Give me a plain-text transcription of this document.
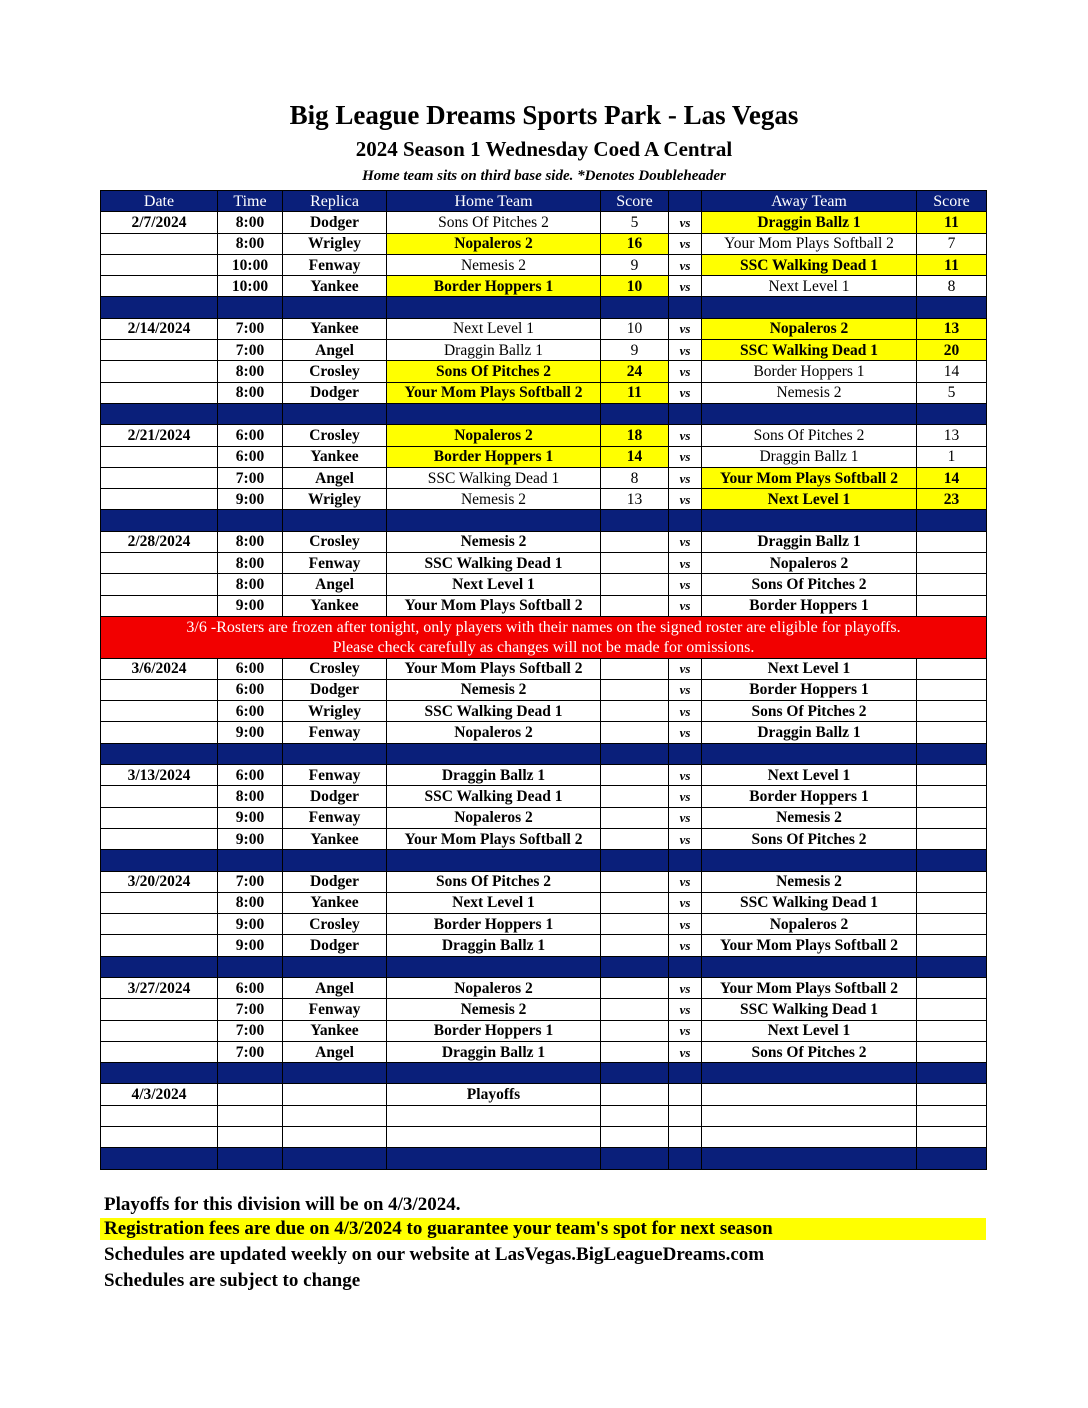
Big League Dreams Sports Park - Las Vegas
2024 Season 1 Wednesday Coed A Central
Home team sits on third base side. *Denotes Doubleheader
Date	Time	Replica	Home Team	Score		Away Team	Score
2/7/2024	8:00	Dodger	Sons Of Pitches 2	5	vs	Draggin Ballz 1	11
	8:00	Wrigley	Nopaleros 2	16	vs	Your Mom Plays Softball 2	7
	10:00	Fenway	Nemesis 2	9	vs	SSC Walking Dead 1	11
	10:00	Yankee	Border Hoppers 1	10	vs	Next Level 1	8

2/14/2024	7:00	Yankee	Next Level 1	10	vs	Nopaleros 2	13
	7:00	Angel	Draggin Ballz 1	9	vs	SSC Walking Dead 1	20
	8:00	Crosley	Sons Of Pitches 2	24	vs	Border Hoppers 1	14
	8:00	Dodger	Your Mom Plays Softball 2	11	vs	Nemesis 2	5

2/21/2024	6:00	Crosley	Nopaleros 2	18	vs	Sons Of Pitches 2	13
	6:00	Yankee	Border Hoppers 1	14	vs	Draggin Ballz 1	1
	7:00	Angel	SSC Walking Dead 1	8	vs	Your Mom Plays Softball 2	14
	9:00	Wrigley	Nemesis 2	13	vs	Next Level 1	23

2/28/2024	8:00	Crosley	Nemesis 2		vs	Draggin Ballz 1	
	8:00	Fenway	SSC Walking Dead 1		vs	Nopaleros 2	
	8:00	Angel	Next Level 1		vs	Sons Of Pitches 2	
	9:00	Yankee	Your Mom Plays Softball 2		vs	Border Hoppers 1	
3/6 -Rosters are frozen after tonight, only players with their names on the signed roster are eligible for playoffs.							
Please check carefully as changes will not be made for omissions.							
3/6/2024	6:00	Crosley	Your Mom Plays Softball 2		vs	Next Level 1	
	6:00	Dodger	Nemesis 2		vs	Border Hoppers 1	
	6:00	Wrigley	SSC Walking Dead 1		vs	Sons Of Pitches 2	
	9:00	Fenway	Nopaleros 2		vs	Draggin Ballz 1	

3/13/2024	6:00	Fenway	Draggin Ballz 1		vs	Next Level 1	
	8:00	Dodger	SSC Walking Dead 1		vs	Border Hoppers 1	
	9:00	Fenway	Nopaleros 2		vs	Nemesis 2	
	9:00	Yankee	Your Mom Plays Softball 2		vs	Sons Of Pitches 2	

3/20/2024	7:00	Dodger	Sons Of Pitches 2		vs	Nemesis 2	
	8:00	Yankee	Next Level 1		vs	SSC Walking Dead 1	
	9:00	Crosley	Border Hoppers 1		vs	Nopaleros 2	
	9:00	Dodger	Draggin Ballz 1		vs	Your Mom Plays Softball 2	

3/27/2024	6:00	Angel	Nopaleros 2		vs	Your Mom Plays Softball 2	
	7:00	Fenway	Nemesis 2		vs	SSC Walking Dead 1	
	7:00	Yankee	Border Hoppers 1		vs	Next Level 1	
	7:00	Angel	Draggin Ballz 1		vs	Sons Of Pitches 2	

4/3/2024			Playoffs				

Playoffs for this division will be on 4/3/2024.
Registration fees are due on 4/3/2024 to guarantee your team's spot for next season
Schedules are updated weekly on our website at LasVegas.BigLeagueDreams.com
Schedules are subject to change
